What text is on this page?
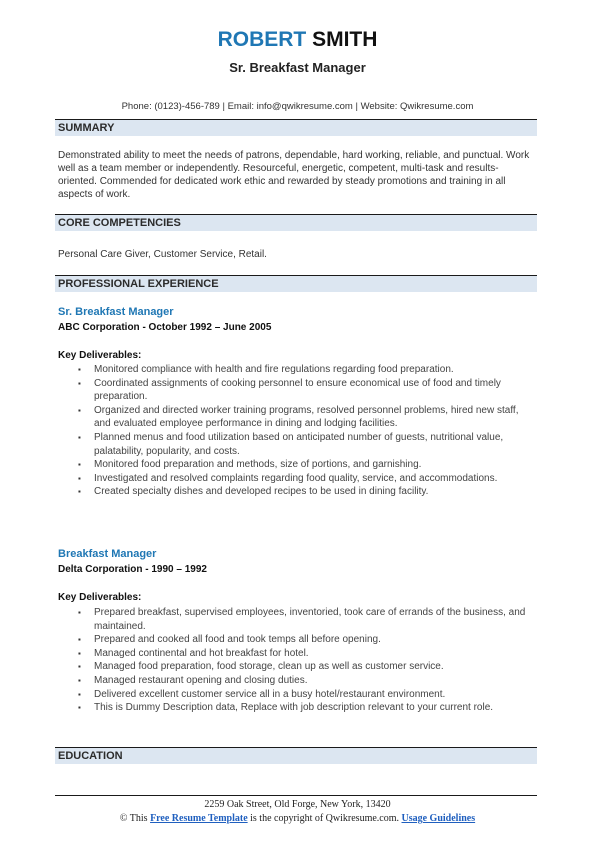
ROBERT SMITH
Sr. Breakfast Manager
Phone: (0123)-456-789 | Email: info@qwikresume.com | Website: Qwikresume.com
SUMMARY
Demonstrated ability to meet the needs of patrons, dependable, hard working, reliable, and punctual. Work well as a team member or independently. Resourceful, energetic, competent, multi-task and results-oriented. Commended for dedicated work ethic and rewarded by steady promotions and training in all aspects of work.
CORE COMPETENCIES
Personal Care Giver, Customer Service, Retail.
PROFESSIONAL EXPERIENCE
Sr. Breakfast Manager
ABC Corporation - October 1992 – June 2005
Key Deliverables:
▪ Monitored compliance with health and fire regulations regarding food preparation.
▪ Coordinated assignments of cooking personnel to ensure economical use of food and timely preparation.
▪ Organized and directed worker training programs, resolved personnel problems, hired new staff, and evaluated employee performance in dining and lodging facilities.
▪ Planned menus and food utilization based on anticipated number of guests, nutritional value, palatability, popularity, and costs.
▪ Monitored food preparation and methods, size of portions, and garnishing.
▪ Investigated and resolved complaints regarding food quality, service, and accommodations.
▪ Created specialty dishes and developed recipes to be used in dining facility.
Breakfast Manager
Delta Corporation - 1990 – 1992
Key Deliverables:
▪ Prepared breakfast, supervised employees, inventoried, took care of errands of the business, and maintained.
▪ Prepared and cooked all food and took temps all before opening.
▪ Managed continental and hot breakfast for hotel.
▪ Managed food preparation, food storage, clean up as well as customer service.
▪ Managed restaurant opening and closing duties.
▪ Delivered excellent customer service all in a busy hotel/restaurant environment.
▪ This is Dummy Description data, Replace with job description relevant to your current role.
EDUCATION
2259 Oak Street, Old Forge, New York, 13420
© This Free Resume Template is the copyright of Qwikresume.com. Usage Guidelines
